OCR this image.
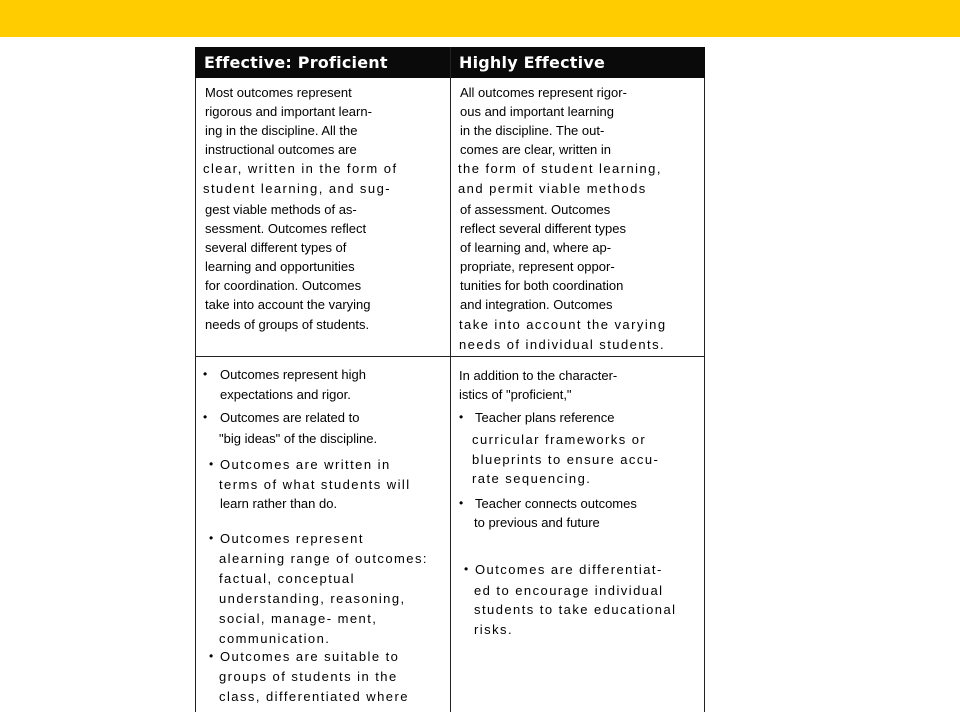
Effective: Proficient	Highly Effective
Most outcomes represent
rigorous and important learn-
ing in the discipline. All the
instructional outcomes are
clear, written in the form of
student learning, and sug-
gest viable methods of as-
sessment. Outcomes reflect
several different types of
learning and opportunities
for coordination. Outcomes
take into account the varying
needs of groups of students.
All outcomes represent rigor-
ous and important learning
in the discipline. The out-
comes are clear, written in
the form of student learning,
and permit viable methods
of assessment. Outcomes
reflect several different types
of learning and, where ap-
propriate, represent oppor-
tunities for both coordination
and integration. Outcomes
take into account the varying
needs of individual students.
• Outcomes represent high
expectations and rigor.
• Outcomes are related to
"big ideas" of the discipline.
• Outcomes are written in
terms of what students will
learn rather than do.
• Outcomes represent
alearning range of outcomes:
factual, conceptual
understanding, reasoning,
social, manage- ment,
communication.
• Outcomes are suitable to
groups of students in the
class, differentiated where
In addition to the character-
istics of "proficient,"
• Teacher plans reference
curricular frameworks or
blueprints to ensure accu-
rate sequencing.
• Teacher connects outcomes
to previous and future
• Outcomes are differentiat-
ed to encourage individual
students to take educational
risks.
